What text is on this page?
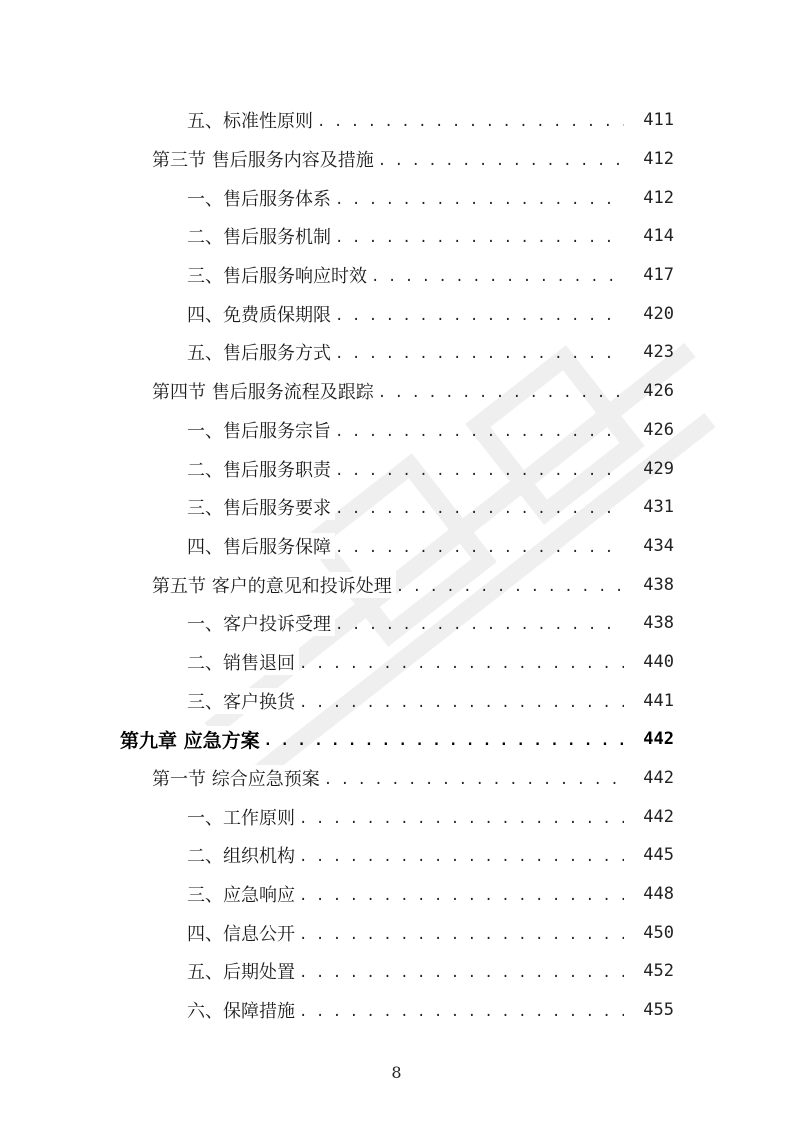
五、标准性原则 . . .	411
第三节 售后服务内容及措施 . . .	412
一、售后服务体系 . . .	412
二、售后服务机制 . . .	414
三、售后服务响应时效 . . .	417
四、免费质保期限 . . .	420
五、售后服务方式 . . .	423
第四节 售后服务流程及跟踪 . . .	426
一、售后服务宗旨 . . .	426
二、售后服务职责 . . .	429
三、售后服务要求 . . .	431
四、售后服务保障 . . .	434
第五节 客户的意见和投诉处理 . . .	438
一、客户投诉受理 . . .	438
二、销售退回 . . .	440
三、客户换货 . . .	441
第九章 应急方案 . . .	442
第一节 综合应急预案 . . .	442
一、工作原则 . . .	442
二、组织机构 . . .	445
三、应急响应 . . .	448
四、信息公开 . . .	450
五、后期处置 . . .	452
六、保障措施 . . .	455
8
